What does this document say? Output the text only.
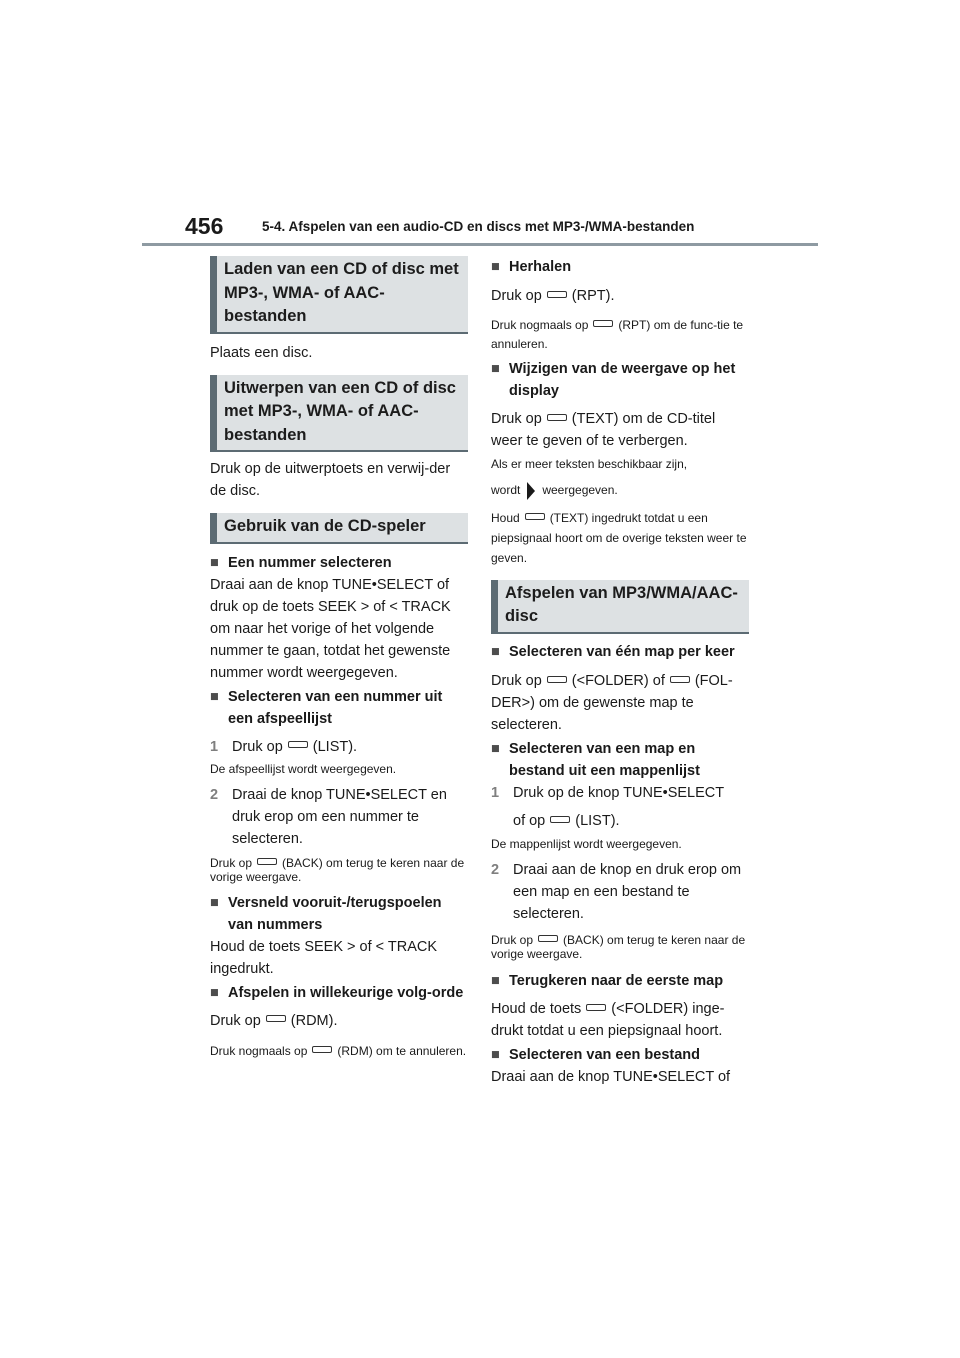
456	5-4. Afspelen van een audio-CD en discs met MP3-/WMA-bestanden
Laden van een CD of disc met MP3-, WMA- of AAC-bestanden

Plaats een disc.

Uitwerpen van een CD of disc met MP3-, WMA- of AAC-bestanden

Druk op de uitwerptoets en verwij-der de disc.

Gebruik van de CD-speler
■ Een nummer selecteren

Draai aan de knop TUNE•SELECT of druk op de toets SEEK > of < TRACK om naar het vorige of het volgende nummer te gaan, totdat het gewenste nummer wordt weergegeven.

■ Selecteren van een nummer uit een afspeellijst
1 Druk op (LIST).

De afspeellijst wordt weergegeven.

2 Draai de knop TUNE•SELECT en druk erop om een nummer te selecteren.

Druk op	(BACK) om terug te keren naar de vorige weergave.

■ Versneld vooruit-/terugspoelen van nummers

Houd de toets SEEK > of < TRACK ingedrukt.

■ Afspelen in willekeurige volg-orde

Druk op (RDM).

Druk nogmaals op	(RDM) om te annuleren.

■ Herhalen

Druk op (RPT).

Druk nogmaals op	(RPT) om de func-tie te annuleren.

■ Wijzigen van de weergave op het display

Druk op (TEXT) om de CD-titel weer te geven of te verbergen.

Als er meer teksten beschikbaar zijn,

wordt weergegeven.

Houd	(TEXT) ingedrukt totdat u een piepsignaal hoort om de overige teksten weer te geven.

Afspelen van MP3/WMA/AAC-disc
■ Selecteren van één map per keer

Druk op (<FOLDER) of (FOL-DER>) om de gewenste map te selecteren.

■ Selecteren van een map en bestand uit een mappenlijst
1 Druk op de knop TUNE•SELECT

of op (LIST).

De mappenlijst wordt weergegeven.

2 Draai aan de knop en druk erop om een map en een bestand te selecteren.

Druk op	(BACK) om terug te keren naar de vorige weergave.

■ Terugkeren naar de eerste map

Houd de toets (<FOLDER) inge-drukt totdat u een piepsignaal hoort.

■ Selecteren van een bestand

Draai aan de knop TUNE•SELECT of
